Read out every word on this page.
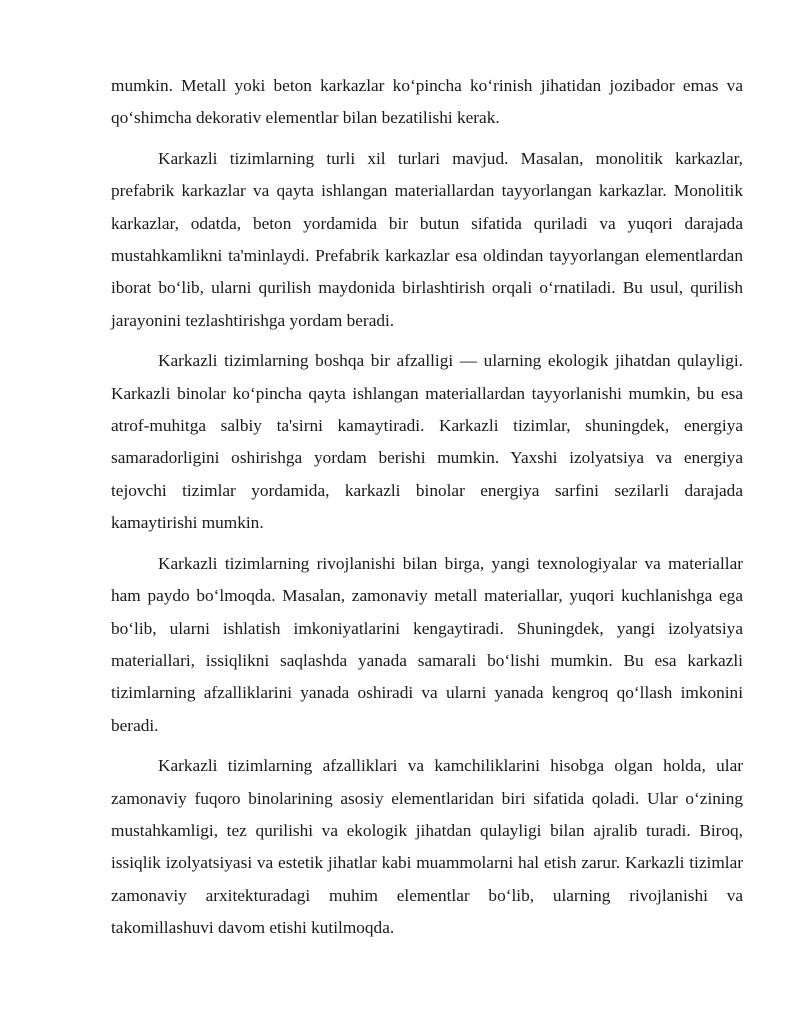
mumkin. Metall yoki beton karkazlar koʻpincha koʻrinish jihatidan jozibador emas va qoʻshimcha dekorativ elementlar bilan bezatilishi kerak.

Karkazli tizimlarning turli xil turlari mavjud. Masalan, monolitik karkazlar, prefabrik karkazlar va qayta ishlangan materiallardan tayyorlangan karkazlar. Monolitik karkazlar, odatda, beton yordamida bir butun sifatida quriladi va yuqori darajada mustahkamlikni ta'minlaydi. Prefabrik karkazlar esa oldindan tayyorlangan elementlardan iborat boʻlib, ularni qurilish maydonida birlashtirish orqali oʻrnatiladi. Bu usul, qurilish jarayonini tezlashtirishga yordam beradi.

Karkazli tizimlarning boshqa bir afzalligi — ularning ekologik jihatdan qulayligi. Karkazli binolar koʻpincha qayta ishlangan materiallardan tayyorlanishi mumkin, bu esa atrof-muhitga salbiy ta'sirni kamaytiradi. Karkazli tizimlar, shuningdek, energiya samaradorligini oshirishga yordam berishi mumkin. Yaxshi izolyatsiya va energiya tejovchi tizimlar yordamida, karkazli binolar energiya sarfini sezilarli darajada kamaytirishi mumkin.

Karkazli tizimlarning rivojlanishi bilan birga, yangi texnologiyalar va materiallar ham paydo boʻlmoqda. Masalan, zamonaviy metall materiallar, yuqori kuchlanishga ega boʻlib, ularni ishlatish imkoniyatlarini kengaytiradi. Shuningdek, yangi izolyatsiya materiallari, issiqlikni saqlashda yanada samarali boʻlishi mumkin. Bu esa karkazli tizimlarning afzalliklarini yanada oshiradi va ularni yanada kengroq qoʻllash imkonini beradi.

Karkazli tizimlarning afzalliklari va kamchiliklarini hisobga olgan holda, ular zamonaviy fuqoro binolarining asosiy elementlaridan biri sifatida qoladi. Ular oʻzining mustahkamligi, tez qurilishi va ekologik jihatdan qulayligi bilan ajralib turadi. Biroq, issiqlik izolyatsiyasi va estetik jihatlar kabi muammolarni hal etish zarur. Karkazli tizimlar zamonaviy arxitekturadagi muhim elementlar boʻlib, ularning rivojlanishi va takomillashuvi davom etishi kutilmoqda.
